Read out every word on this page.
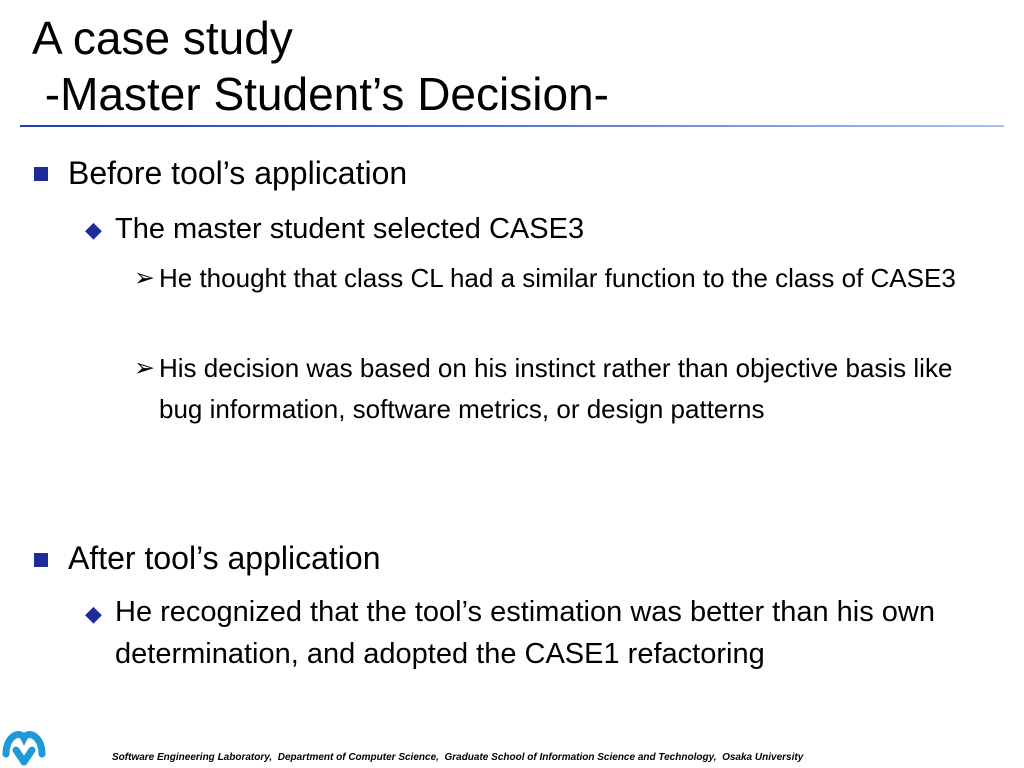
A case study
-Master Student’s Decision-
Before tool’s application
◆ The master student selected CASE3
➢ He thought that class CL had a similar function to the class of CASE3
➢ His decision was based on his instinct rather than objective basis like bug information, software metrics, or design patterns
After tool’s application
◆ He recognized that the tool’s estimation was better than his own determination, and adopted the CASE1 refactoring
Software Engineering Laboratory,  Department of Computer Science,  Graduate School of Information Science and Technology,  Osaka University
